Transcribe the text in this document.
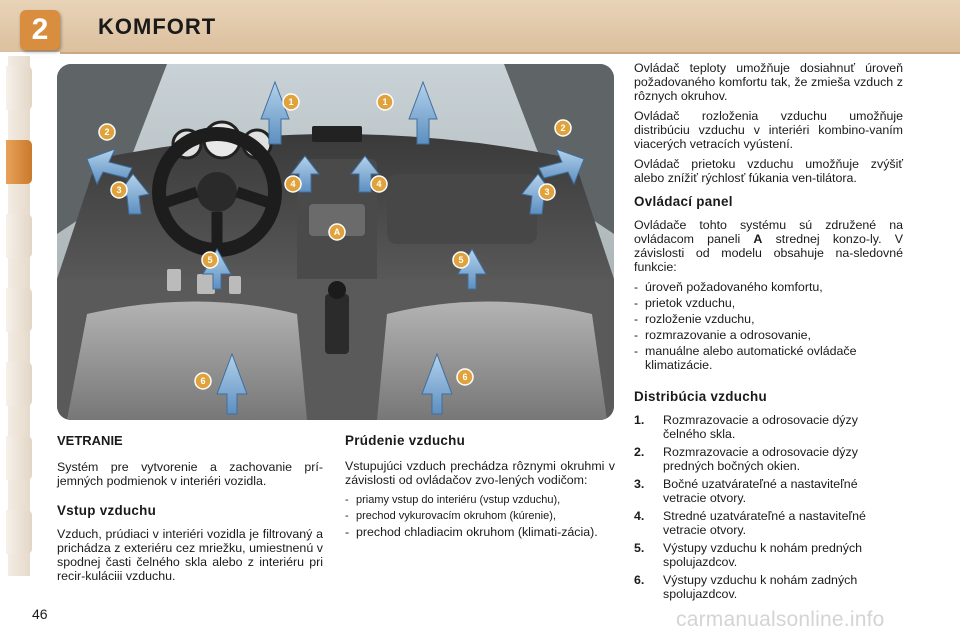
2	KOMFORT
1	1
2	2
3	3
4	4
A
5	5
6	6
VETRANIE

Systém pre vytvorenie a zachovanie prí-jemných podmienok v interiéri vozidla.

Vstup vzduchu

Vzduch, prúdiaci v interiéri vozidla je filtrovaný a prichádza z exteriéru cez mriežku, umiestnenú v spodnej časti čelného skla alebo z interiéru pri recir-kuláciii vzduchu.

Prúdenie vzduchu

Vstupujúci vzduch prechádza rôznymi okruhmi v závislosti od ovládačov zvo-lených vodičom:

- priamy vstup do interiéru (vstup vzduchu),
- prechod vykurovacím okruhom (kúrenie),
- prechod chladiacim okruhom (klimati-zácia).

Ovládač teploty umožňuje dosiahnuť úroveň požadovaného komfortu tak, že zmieša vzduch z rôznych okruhov.

Ovládač rozloženia vzduchu umožňuje distribúciu vzduchu v interiéri kombino-vaním viacerých vetracích vyústení.

Ovládač prietoku vzduchu umožňuje zvýšiť alebo znížiť rýchlosť fúkania ven-tilátora.

Ovládací panel

Ovládače tohto systému sú združené na ovládacom paneli A strednej konzo-ly. V závislosti od modelu obsahuje na-sledovné funkcie:

- úroveň požadovaného komfortu,
- prietok vzduchu,
- rozloženie vzduchu,
- rozmrazovanie a odrosovanie,
- manuálne alebo automatické ovládače klimatizácie.
Distribúcia vzduchu
1. Rozmrazovacie a odrosovacie dýzy čelného skla.
2. Rozmrazovacie a odrosovacie dýzy predných bočných okien.
3. Bočné uzatvárateľné a nastaviteľné vetracie otvory.
4. Stredné uzatvárateľné a nastaviteľné vetracie otvory.
5. Výstupy vzduchu k nohám predných spolujazdcov.
6. Výstupy vzduchu k nohám zadných spolujazdcov.
46	carmanualsonline.info
